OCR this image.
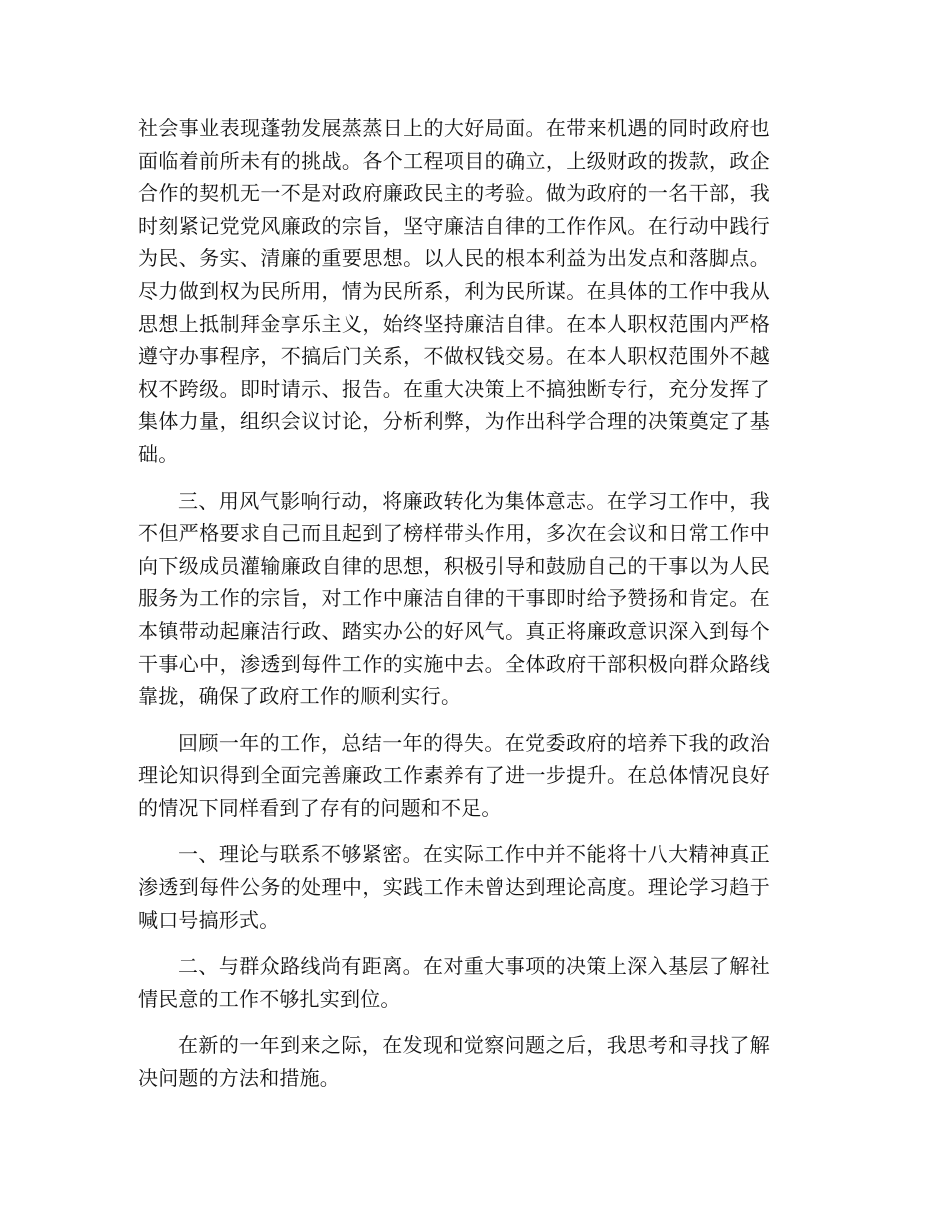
社会事业表现蓬勃发展蒸蒸日上的大好局面。在带来机遇的同时政府也面临着前所未有的挑战。各个工程项目的确立，上级财政的拨款，政企合作的契机无一不是对政府廉政民主的考验。做为政府的一名干部，我时刻紧记党党风廉政的宗旨，坚守廉洁自律的工作作风。在行动中践行为民、务实、清廉的重要思想。以人民的根本利益为出发点和落脚点。尽力做到权为民所用，情为民所系，利为民所谋。在具体的工作中我从思想上抵制拜金享乐主义，始终坚持廉洁自律。在本人职权范围内严格遵守办事程序，不搞后门关系，不做权钱交易。在本人职权范围外不越权不跨级。即时请示、报告。在重大决策上不搞独断专行，充分发挥了集体力量，组织会议讨论，分析利弊，为作出科学合理的决策奠定了基础。

三、用风气影响行动，将廉政转化为集体意志。在学习工作中，我不但严格要求自己而且起到了榜样带头作用，多次在会议和日常工作中向下级成员灌输廉政自律的思想，积极引导和鼓励自己的干事以为人民服务为工作的宗旨，对工作中廉洁自律的干事即时给予赞扬和肯定。在本镇带动起廉洁行政、踏实办公的好风气。真正将廉政意识深入到每个干事心中，渗透到每件工作的实施中去。全体政府干部积极向群众路线靠拢，确保了政府工作的顺利实行。

回顾一年的工作，总结一年的得失。在党委政府的培养下我的政治理论知识得到全面完善廉政工作素养有了进一步提升。在总体情况良好的情况下同样看到了存有的问题和不足。

一、理论与联系不够紧密。在实际工作中并不能将十八大精神真正渗透到每件公务的处理中，实践工作未曾达到理论高度。理论学习趋于喊口号搞形式。

二、与群众路线尚有距离。在对重大事项的决策上深入基层了解社情民意的工作不够扎实到位。

在新的一年到来之际，在发现和觉察问题之后，我思考和寻找了解决问题的方法和措施。
